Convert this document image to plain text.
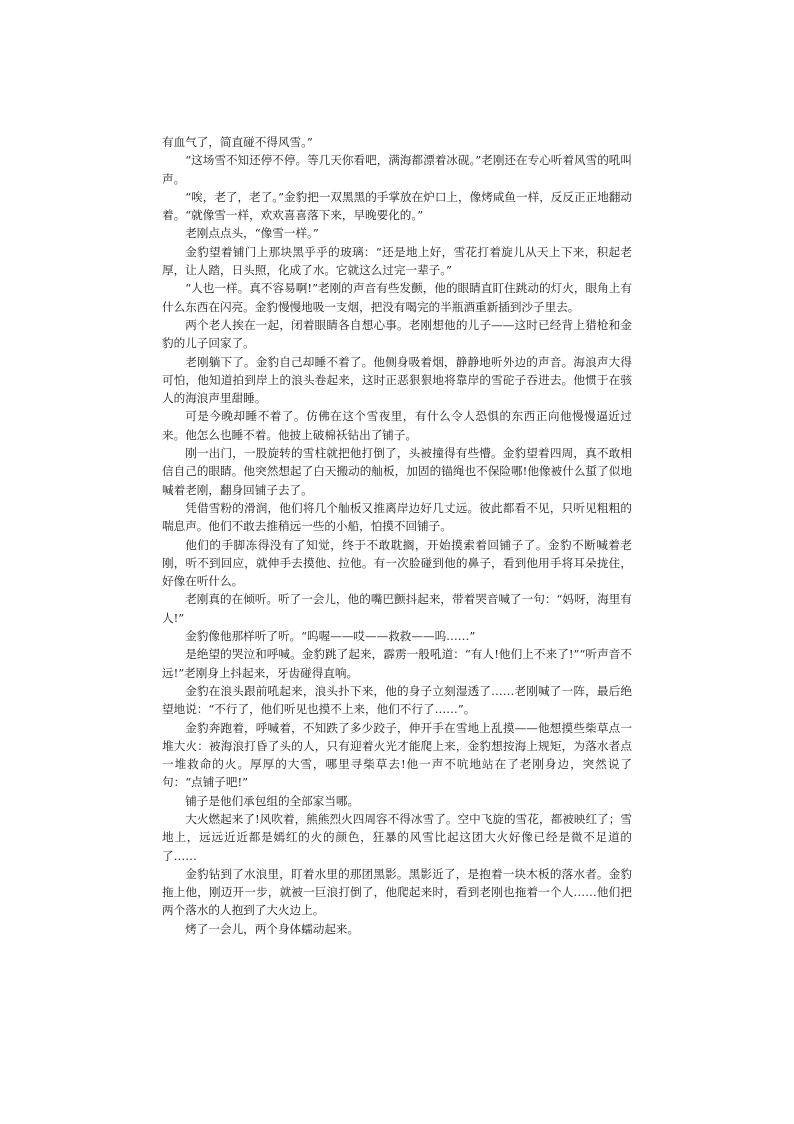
有血气了，简直碰不得风雪。”

“这场雪不知还停不停。等几天你看吧，满海都漂着冰砚。”老刚还在专心听着风雪的吼叫声。

“唉，老了，老了。”金豹把一双黑黑的手掌放在炉口上，像烤咸鱼一样，反反正正地翻动着。“就像雪一样，欢欢喜喜落下来，早晚要化的。”

老刚点点头，“像雪一样。”

金豹望着铺门上那块黑乎乎的玻璃：“还是地上好，雪花打着旋儿从天上下来，积起老厚，让人踏，日头照，化成了水。它就这么过完一辈子。”

“人也一样。真不容易啊!”老刚的声音有些发颤，他的眼睛直盯住跳动的灯火，眼角上有什么东西在闪亮。金豹慢慢地吸一支烟，把没有喝完的半瓶酒重新插到沙子里去。

两个老人挨在一起，闭着眼睛各自想心事。老刚想他的儿子——这时已经背上猎枪和金豹的儿子回家了。

老刚躺下了。金豹自己却睡不着了。他侧身吸着烟，静静地听外边的声音。海浪声大得可怕，他知道拍到岸上的浪头卷起来，这时正恶狠狠地将靠岸的雪砣子吞进去。他惯于在骇人的海浪声里甜睡。

可是今晚却睡不着了。仿佛在这个雪夜里，有什么令人恐惧的东西正向他慢慢逼近过来。他怎么也睡不着。他披上破棉袄钻出了铺子。

刚一出门，一股旋转的雪柱就把他打倒了，头被撞得有些懵。金豹望着四周，真不敢相信自己的眼睛。他突然想起了白天搬动的舢板，加固的锚绳也不保险哪!他像被什么蜇了似地喊着老刚，翻身回铺子去了。

凭借雪粉的滑润，他们将几个舢板又推离岸边好几丈远。彼此都看不见，只听见粗粗的喘息声。他们不敢去推稍远一些的小船，怕摸不回铺子。

他们的手脚冻得没有了知觉，终于不敢耽搁，开始摸索着回铺子了。金豹不断喊着老刚，听不到回应，就伸手去摸他、拉他。有一次脸碰到他的鼻子，看到他用手将耳朵拢住，好像在听什么。

老刚真的在倾听。听了一会儿，他的嘴巴颤抖起来，带着哭音喊了一句：“妈呀，海里有人!”

金豹像他那样听了听。“呜喔——哎——救救——呜……”

是绝望的哭泣和呼喊。金豹跳了起来，霹雳一般吼道：“有人!他们上不来了!”“听声音不远!”老刚身上抖起来，牙齿碰得直响。

金豹在浪头跟前吼起来，浪头扑下来，他的身子立刻湿透了……老刚喊了一阵，最后绝望地说：“不行了，他们听见也摸不上来，他们不行了……”。

金豹奔跑着，呼喊着，不知跌了多少跤子，伸开手在雪地上乱摸——他想摸些柴草点一堆大火：被海浪打昏了头的人，只有迎着火光才能爬上来，金豹想按海上规矩，为落水者点一堆救命的火。厚厚的大雪，哪里寻柴草去!他一声不吭地站在了老刚身边，突然说了句：“点铺子吧!”

铺子是他们承包组的全部家当哪。

大火燃起来了!风吹着，熊熊烈火四周容不得冰雪了。空中飞旋的雪花，都被映红了；雪地上，远远近近都是嫣红的火的颜色，狂暴的风雪比起这团大火好像已经是微不足道的了……

金豹钻到了水浪里，盯着水里的那团黑影。黑影近了，是抱着一块木板的落水者。金豹拖上他，刚迈开一步，就被一巨浪打倒了，他爬起来时，看到老刚也拖着一个人……他们把两个落水的人抱到了大火边上。

烤了一会儿，两个身体蠕动起来。
